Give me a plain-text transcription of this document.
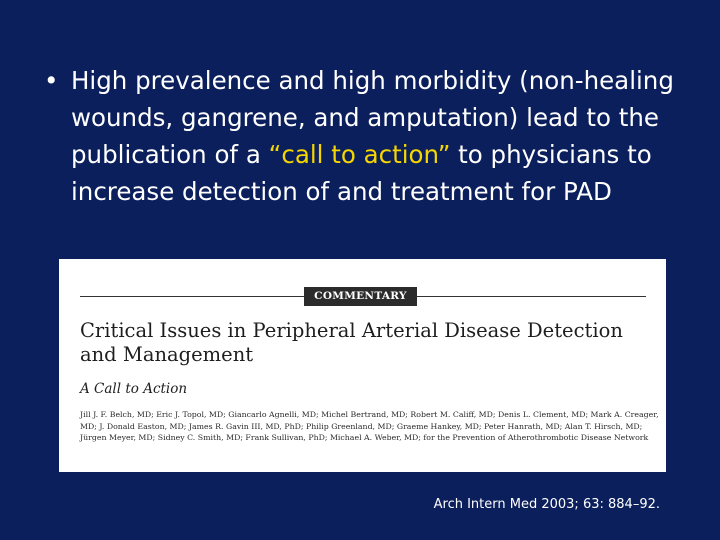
• High prevalence and high morbidity (non-healing wounds, gangrene, and amputation) lead to the publication of a “call to action” to physicians to increase detection of and treatment for PAD
COMMENTARY
Critical Issues in Peripheral Arterial Disease Detection and Management
A Call to Action
Jill J. F. Belch, MD; Eric J. Topol, MD; Giancarlo Agnelli, MD; Michel Bertrand, MD; Robert M. Califf, MD; Denis L. Clement, MD; Mark A. Creager, MD; J. Donald Easton, MD; James R. Gavin III, MD, PhD; Philip Greenland, MD; Graeme Hankey, MD; Peter Hanrath, MD; Alan T. Hirsch, MD; Jürgen Meyer, MD; Sidney C. Smith, MD; Frank Sullivan, PhD; Michael A. Weber, MD; for the Prevention of Atherothrombotic Disease Network
Arch Intern Med 2003; 63: 884–92.
